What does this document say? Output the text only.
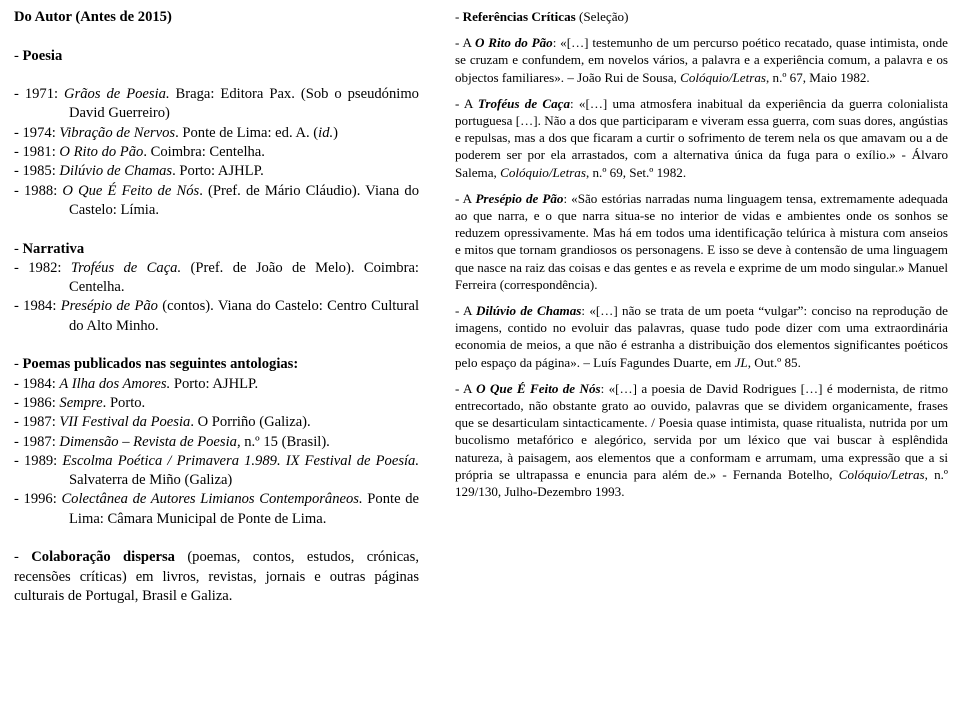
Do Autor (Antes de 2015)

- Poesia

- 1971: Grãos de Poesia. Braga: Editora Pax. (Sob o pseudónimo David Guerreiro)

- 1974: Vibração de Nervos. Ponte de Lima: ed. A. (id.)

- 1981: O Rito do Pão. Coimbra: Centelha.

- 1985: Dilúvio de Chamas. Porto: AJHLP.

- 1988: O Que É Feito de Nós. (Pref. de Mário Cláudio). Viana do Castelo: Límia.

- Narrativa

- 1982: Troféus de Caça. (Pref. de João de Melo). Coimbra: Centelha.

- 1984: Presépio de Pão (contos). Viana do Castelo: Centro Cultural do Alto Minho.

- Poemas publicados nas seguintes antologias:

- 1984: A Ilha dos Amores. Porto: AJHLP.

- 1986: Sempre. Porto.

- 1987: VII Festival da Poesia. O Porriño (Galiza).

- 1987: Dimensão – Revista de Poesia, n.º 15 (Brasil).

- 1989: Escolma Poética / Primavera 1.989. IX Festival de Poesía. Salvaterra de Miño (Galiza)

- 1996: Colectânea de Autores Limianos Contemporâneos. Ponte de Lima: Câmara Municipal de Ponte de Lima.

- Colaboração dispersa (poemas, contos, estudos, crónicas, recensões críticas) em livros, revistas, jornais e outras páginas culturais de Portugal, Brasil e Galiza.

- Referências Críticas (Seleção)

- A O Rito do Pão: «[…] testemunho de um percurso poético recatado, quase intimista, onde se cruzam e confundem, em novelos vários, a palavra e a experiência comum, a palavra e os objectos familiares». – João Rui de Sousa, Colóquio/Letras, n.º 67, Maio 1982.

- A Troféus de Caça: «[…] uma atmosfera inabitual da experiência da guerra colonialista portuguesa […]. Não a dos que participaram e viveram essa guerra, com suas dores, angústias e repulsas, mas a dos que ficaram a curtir o sofrimento de terem nela os que amavam ou a de poderem ser por ela arrastados, com a alternativa única da fuga para o exílio.» - Álvaro Salema, Colóquio/Letras, n.º 69, Set.º 1982.

- A Presépio de Pão: «São estórias narradas numa linguagem tensa, extremamente adequada ao que narra, e o que narra situa-se no interior de vidas e ambientes onde os sonhos se reduzem opressivamente. Mas há em todos uma identificação telúrica à mistura com anseios e mitos que tornam grandiosos os personagens. E isso se deve à contensão de uma linguagem que nasce na raiz das coisas e das gentes e as revela e exprime de um modo singular.» Manuel Ferreira (correspondência).

- A Dilúvio de Chamas: «[…] não se trata de um poeta “vulgar”: conciso na reprodução de imagens, contido no evoluir das palavras, quase tudo pode dizer com uma extraordinária economia de meios, a que não é estranha a distribuição dos elementos significantes poéticos pelo espaço da página». – Luís Fagundes Duarte, em JL, Out.º 85.

- A O Que É Feito de Nós: «[…] a poesia de David Rodrigues […] é modernista, de ritmo entrecortado, não obstante grato ao ouvido, palavras que se dividem organicamente, frases que se desarticulam sintacticamente. / Poesia quase intimista, quase ritualista, nutrida por um bucolismo metafórico e alegórico, servida por um léxico que vai buscar à esplêndida natureza, à paisagem, aos elementos que a conformam e arrumam, uma expressão que a si própria se ultrapassa e enuncia para além de.» - Fernanda Botelho, Colóquio/Letras, n.º 129/130, Julho-Dezembro 1993.
